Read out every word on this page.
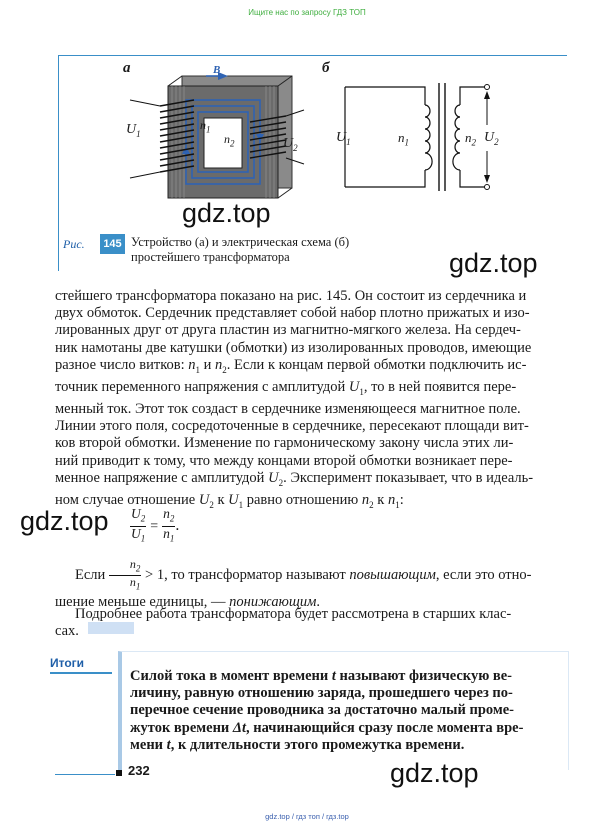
Ищите нас по запросу ГДЗ ТОП
а	B
$U_1$
$n_1$
$n_2$	$U_2$
б
$U_1$	$n_1$	$n_2$ $U_2$
gdz.top
Рис.	145 Устройство (а) и электрическая схема (б) простейшего трансформатора	gdz.top

стейшего трансформатора показано на рис. 145. Он состоит из сердечника и

двух обмоток. Сердечник представляет собой набор плотно прижатых и изо-

лированных друг от друга пластин из магнитно-мягкого железа. На сердеч-

ник намотаны две катушки (обмотки) из изолированных проводов, имеющие

разное число витков: $n_1$ и $n_2$. Если к концам первой обмотки подключить ис-

точник переменного напряжения с амплитудой $U_1$, то в ней появится пере-

менный ток. Этот ток создаст в сердечнике изменяющееся магнитное поле.

Линии этого поля, сосредоточенные в сердечнике, пересекают площади вит-

ков второй обмотки. Изменение по гармоническому закону числа этих ли-

ний приводит к тому, что между концами второй обмотки возникает пере-

менное напряжение с амплитудой $U_2$. Эксперимент показывает, что в идеаль-

ном случае отношение $U_2$ к $U_1$ равно отношению $n_2$ к $n_1$:

$gdz.top \frac{U_2}{U_1} = \frac{n_2}{n_1}$ .

Если $\frac{n_2}{n_1} > 1$, то трансформатор называют повышающим, если это отно-

шение меньше единицы, — понижающим.

Подробнее работа трансформатора будет рассмотрена в старших клас-

сах.

Итоги
Силой тока в момент времени t называют физическую ве-
личину, равную отношению заряда, прошедшего через по-
перечное сечение проводника за достаточно малый проме-
жуток времени Δt, начинающийся сразу после момента вре-
мени t, к длительности этого промежутка времени.
232	gdz.top
gdz.top / гдз топ / гдз.top
